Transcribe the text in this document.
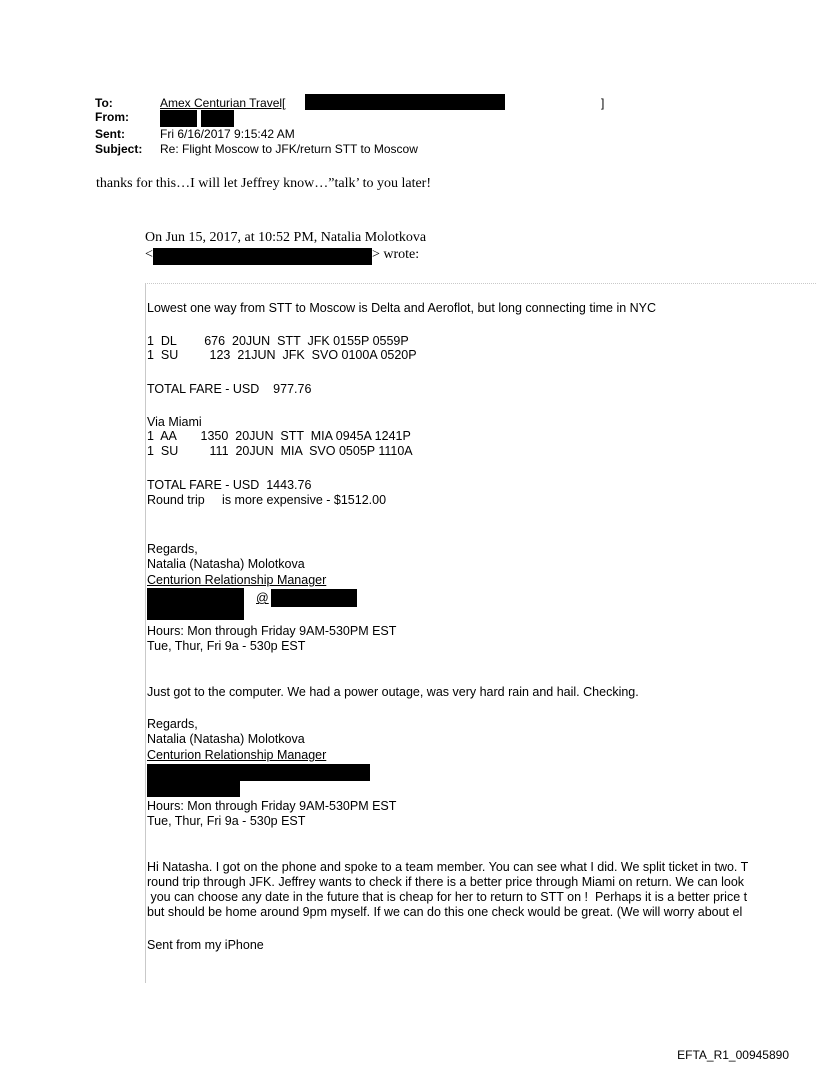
To:	Amex Centurian Travel[	]
From:
Sent:	Fri 6/16/2017 9:15:42 AM
Subject: Re: Flight Moscow to JFK/return STT to Moscow
thanks for this…I will let Jeffrey know…”talk’ to you later!
On Jun 15, 2017, at 10:52 PM, Natalia Molotkova
<	> wrote:
Lowest one way from STT to Moscow is Delta and Aeroflot, but long connecting time in NYC
1  DL        676  20JUN  STT  JFK 0155P 0559P
1  SU         123  21JUN  JFK  SVO 0100A 0520P
TOTAL FARE - USD    977.76
Via Miami
1  AA       1350  20JUN  STT  MIA 0945A 1241P
1  SU         111  20JUN  MIA  SVO 0505P 1110A
TOTAL FARE - USD  1443.76
Round trip     is more expensive - $1512.00
Regards,
Natalia (Natasha) Molotkova
Centurion Relationship Manager
@
Hours: Mon through Friday 9AM-530PM EST
Tue, Thur, Fri 9a - 530p EST
Just got to the computer. We had a power outage, was very hard rain and hail. Checking.
Regards,
Natalia (Natasha) Molotkova
Centurion Relationship Manager
Hours: Mon through Friday 9AM-530PM EST
Tue, Thur, Fri 9a - 530p EST
Hi Natasha. I got on the phone and spoke to a team member. You can see what I did. We split ticket in two. T
round trip through JFK. Jeffrey wants to check if there is a better price through Miami on return. We can look
you can choose any date in the future that is cheap for her to return to STT on !  Perhaps it is a better price t
but should be home around 9pm myself. If we can do this one check would be great. (We will worry about el
Sent from my iPhone
EFTA_R1_00945890
